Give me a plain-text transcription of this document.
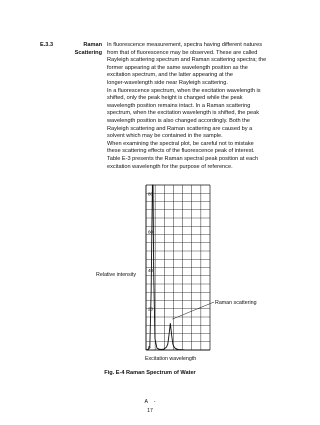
E.3.3	Raman
Scattering
In fluorescence measurement, spectra having different natures
from that of fluorescence may be observed. These are called
Rayleigh scattering spectrum and Raman scattering spectra; the
former appearing at the same wavelength position as the
excitation spectrum, and the latter appearing at the
longer-wavelength side near Rayleigh scattering.
In a fluorescence spectrum, when the excitation wavelength is
shifted, only the peak height is changed while the peak
wavelength position remains intact. In a Raman scattering
spectrum, when the excitation wavelength is shifted, the peak
wavelength position is also changed accordingly. Both the
Rayleigh scattering and Raman scattering are caused by a
solvent which may be contained in the sample.
When examining the spectral plot, be careful not to mistake
these scattering effects of the fluorescence peak of interest.
Table E-3 presents the Raman spectral peak position at each
excitation wavelength for the purpose of reference.
0
20
40
60
80
Raman scattering
Relative intensity
Excitation wavelength
Fig. E-4 Raman Spectrum of Water
A -
17
